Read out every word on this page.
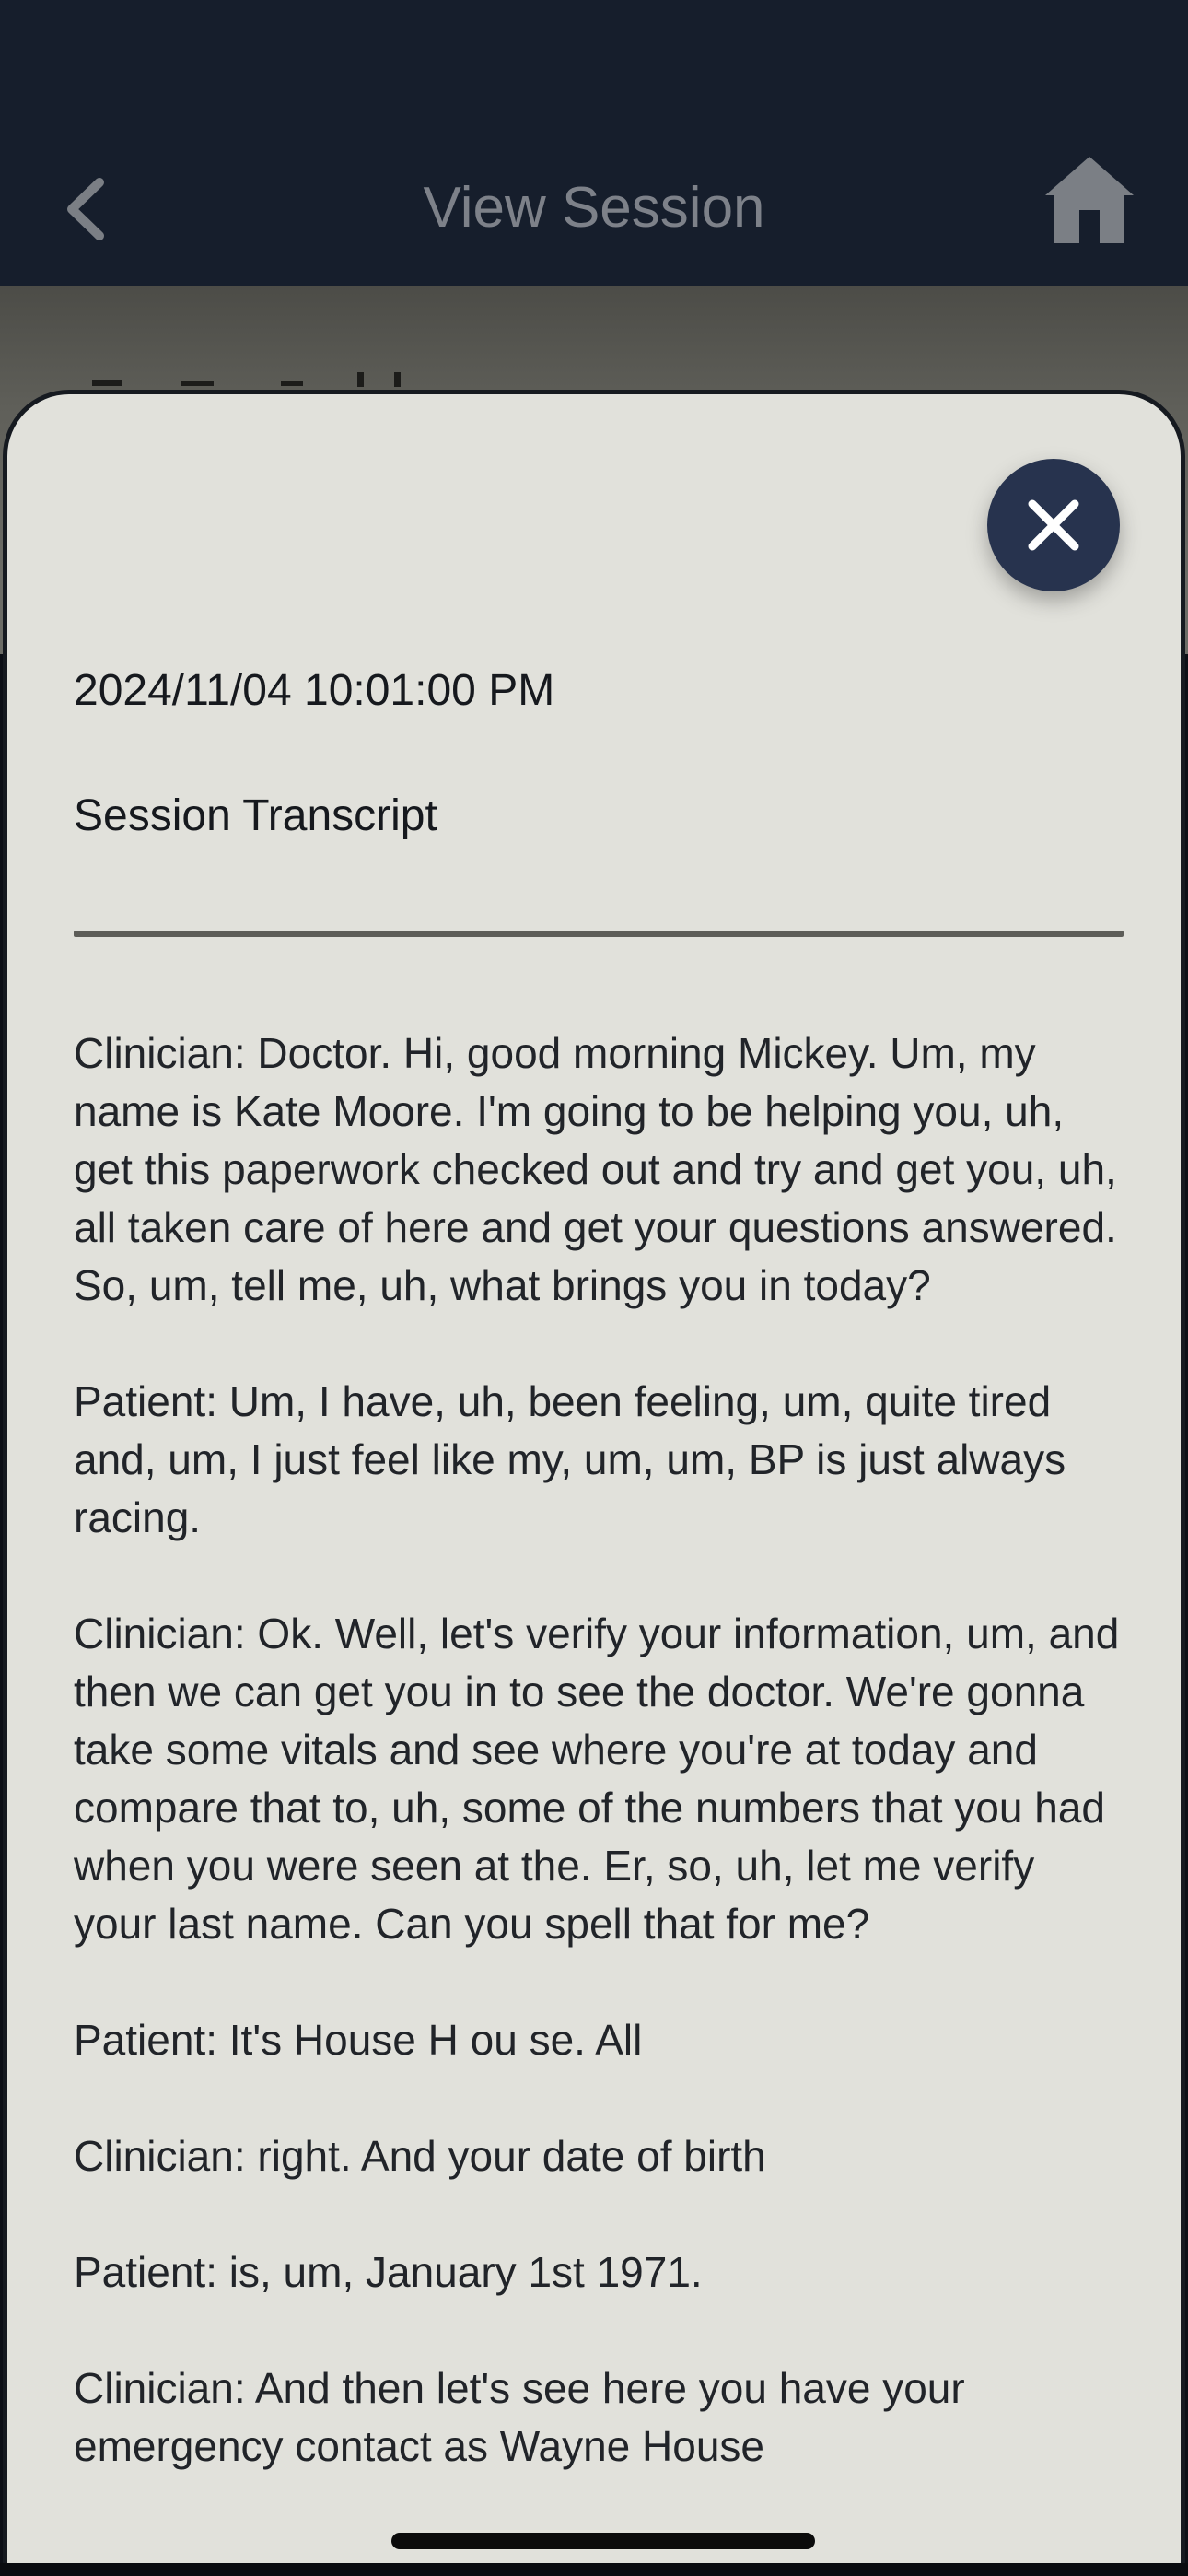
View Session
2024/11/04 10:01:00 PM
Session Transcript

Clinician: Doctor. Hi, good morning Mickey. Um, my name is Kate Moore. I'm going to be helping you, uh, get this paperwork checked out and try and get you, uh, all taken care of here and get your questions answered. So, um, tell me, uh, what brings you in today?

Patient: Um, I have, uh, been feeling, um, quite tired and, um, I just feel like my, um, um, BP is just always racing.

Clinician: Ok. Well, let's verify your information, um, and then we can get you in to see the doctor. We're gonna take some vitals and see where you're at today and compare that to, uh, some of the numbers that you had when you were seen at the. Er, so, uh, let me verify your last name. Can you spell that for me?

Patient: It's House H ou se. All

Clinician: right. And your date of birth

Patient: is, um, January 1st 1971.

Clinician: And then let's see here you have your emergency contact as Wayne House
